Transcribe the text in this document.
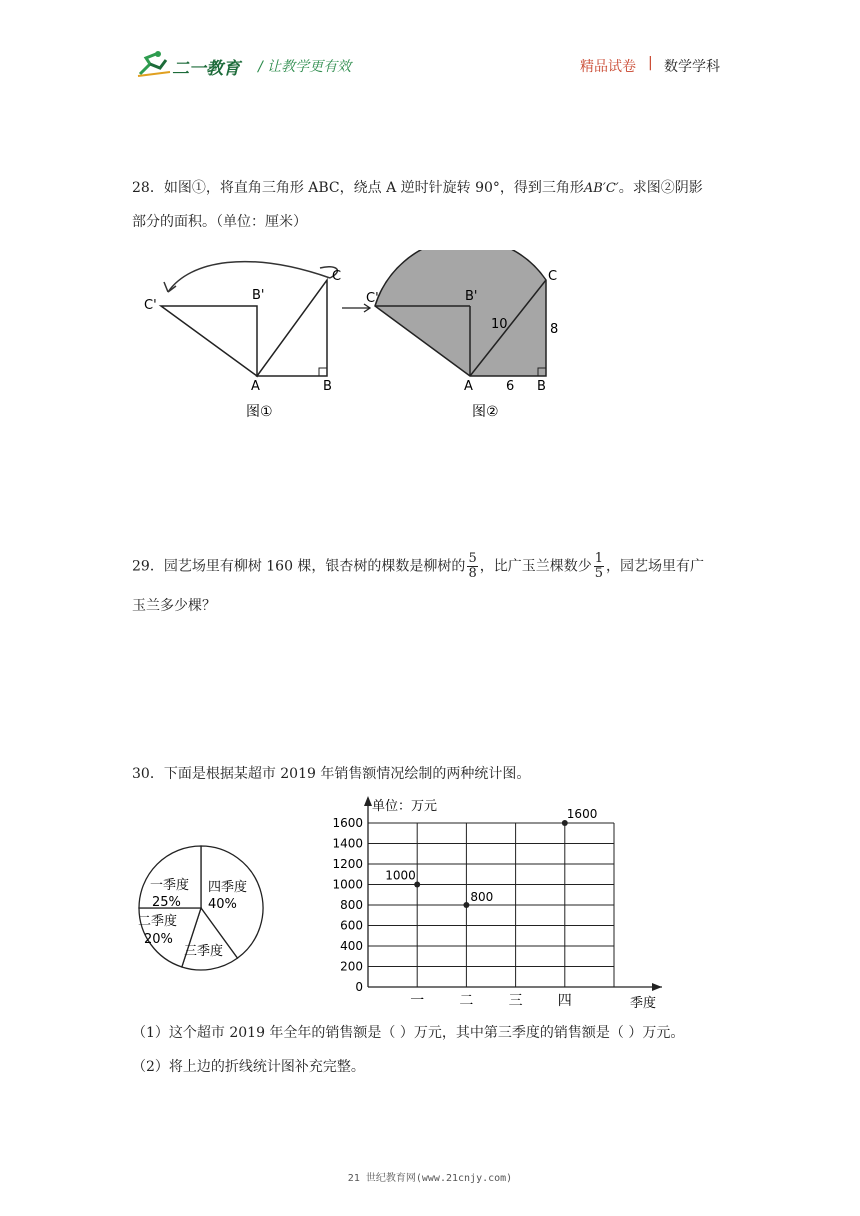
二一教育 / 让教学更有效	精品试卷 | 数学学科
28．如图①，将直角三角形 ABC，绕点 A 逆时针旋转 90°，得到三角形AB′C′。求图②阴影
部分的面积。（单位：厘米）
C
C'
B'
A	B
图①
C
C'	B'
A	B
10	8
6
图②
29．园艺场里有柳树 160 棵，银杏树的棵数是柳树的 $\frac{5}{8}$ ，比广玉兰棵数少 $\frac{1}{5}$ ，园艺场里有广
玉兰多少棵？
30．下面是根据某超市 2019 年销售额情况绘制的两种统计图。
一季度
25%
二季度
20%
三季度
四季度
40%
0
200
400
600
800
1000
1200
1400
1600
一	二	三	四
1000
800
1600
单位：万元
季度
（1）这个超市 2019 年全年的销售额是（ ）万元，其中第三季度的销售额是（ ）万元。
（2）将上边的折线统计图补充完整。
21 世纪教育网(www.21cnjy.com)
